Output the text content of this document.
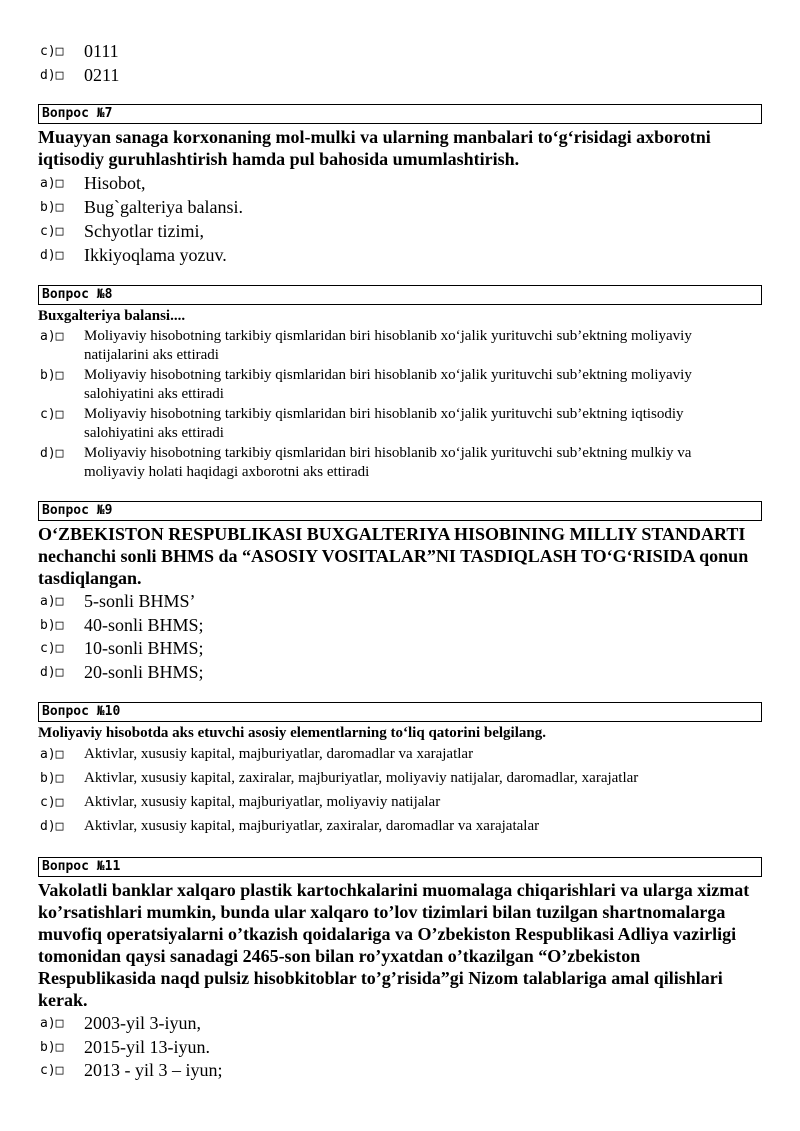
c)□	0111
d)□	0211
Вопрос №7
Muayyan sanaga korxonaning mol-mulki va ularning manbalari to‘g‘risidagi axborotni iqtisodiy guruhlashtirish hamda pul bahosida umumlashtirish.
a)□	Hisobot,
b)□	Bug`galteriya balansi.
c)□	Schyotlar tizimi,
d)□	Ikkiyoqlama yozuv.
Вопрос №8
Buxgalteriya balansi....
a)□	Moliyaviy hisobotning tarkibiy qismlaridan biri hisoblanib xo‘jalik yurituvchi sub’ektning moliyaviy natijalarini aks ettiradi
b)□	Moliyaviy hisobotning tarkibiy qismlaridan biri hisoblanib xo‘jalik yurituvchi sub’ektning moliyaviy salohiyatini aks ettiradi
c)□	Moliyaviy hisobotning tarkibiy qismlaridan biri hisoblanib xo‘jalik yurituvchi sub’ektning iqtisodiy salohiyatini aks ettiradi
d)□	Moliyaviy hisobotning tarkibiy qismlaridan biri hisoblanib xo‘jalik yurituvchi sub’ektning mulkiy va moliyaviy holati haqidagi axborotni aks ettiradi
Вопрос №9
O‘ZBEKISTON RESPUBLIKASI BUXGALTERIYA HISOBINING MILLIY STANDARTI nechanchi sonli BHMS da “ASOSIY VOSITALAR”NI TASDIQLASH TO‘G‘RISIDA qonun tasdiqlangan.
a)□	5-sonli BHMS’
b)□	40-sonli BHMS;
c)□	10-sonli BHMS;
d)□	20-sonli BHMS;
Вопрос №10
Moliyaviy hisobotda aks etuvchi asosiy elementlarning to‘liq qatorini belgilang.
a)□	Aktivlar, xususiy kapital, majburiyatlar, daromadlar va xarajatlar
b)□	Aktivlar, xususiy kapital, zaxiralar, majburiyatlar, moliyaviy natijalar, daromadlar, xarajatlar
c)□	Aktivlar, xususiy kapital, majburiyatlar, moliyaviy natijalar
d)□	Aktivlar, xususiy kapital, majburiyatlar, zaxiralar, daromadlar va xarajatalar
Вопрос №11
Vakolatli banklar xalqaro plastik kartochkalarini muomalaga chiqarishlari va ularga xizmat ko’rsatishlari mumkin, bunda ular xalqaro to’lov tizimlari bilan tuzilgan shartnomalarga muvofiq operatsiyalarni o’tkazish qoidalariga va O’zbekiston Respublikasi Adliya vazirligi tomonidan qaysi sanadagi 2465-son bilan ro’yxatdan o’tkazilgan “O’zbekiston Respublikasida naqd pulsiz hisobkitoblar to’g’risida”gi Nizom talablariga amal qilishlari kerak.
a)□	2003-yil 3-iyun,
b)□	2015-yil 13-iyun.
c)□	2013 - yil 3 – iyun;
